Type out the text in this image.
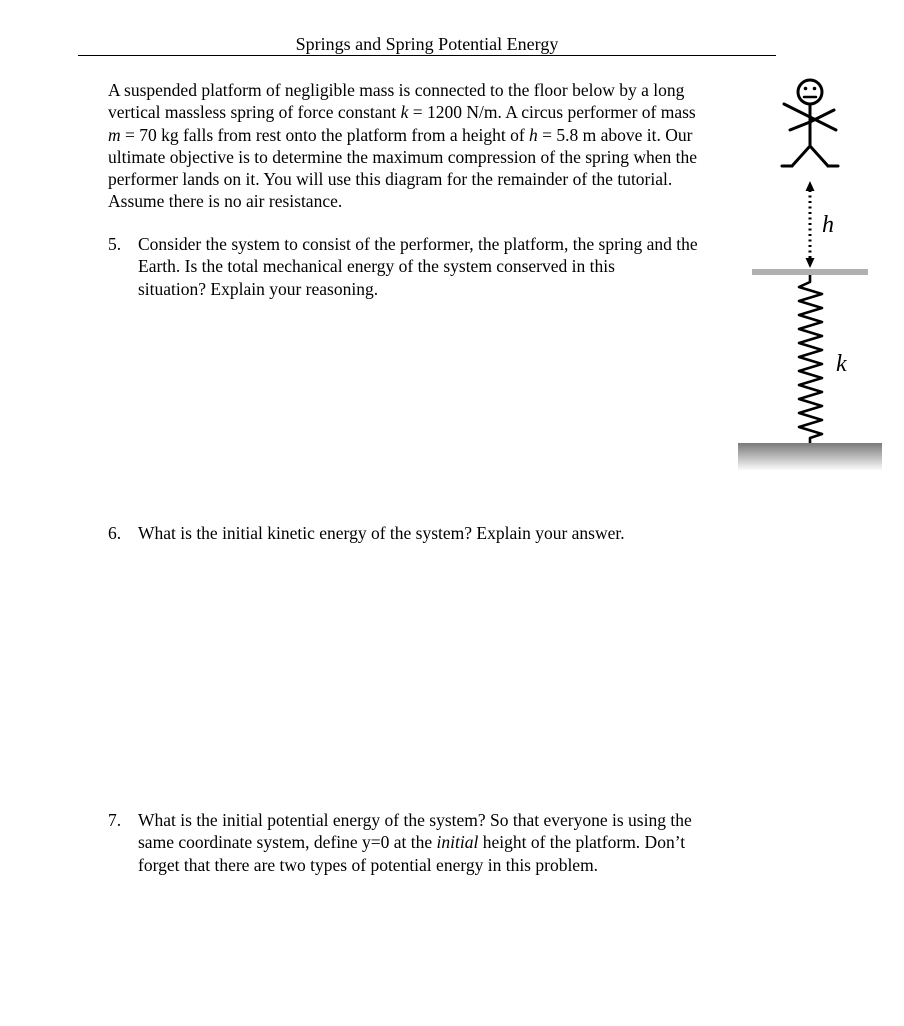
Springs and Spring Potential Energy
A suspended platform of negligible mass is connected to the floor below by a long
vertical massless spring of force constant k = 1200 N/m. A circus performer of mass
m = 70 kg falls from rest onto the platform from a height of h = 5.8 m above it. Our
ultimate objective is to determine the maximum compression of the spring when the
performer lands on it. You will use this diagram for the remainder of the tutorial.
Assume there is no air resistance.
5. Consider the system to consist of the performer, the platform, the spring and the
Earth. Is the total mechanical energy of the system conserved in this
situation? Explain your reasoning.
6. What is the initial kinetic energy of the system? Explain your answer.
7. What is the initial potential energy of the system? So that everyone is using the
same coordinate system, define y=0 at the initial height of the platform. Don’t
forget that there are two types of potential energy in this problem.
h
k
